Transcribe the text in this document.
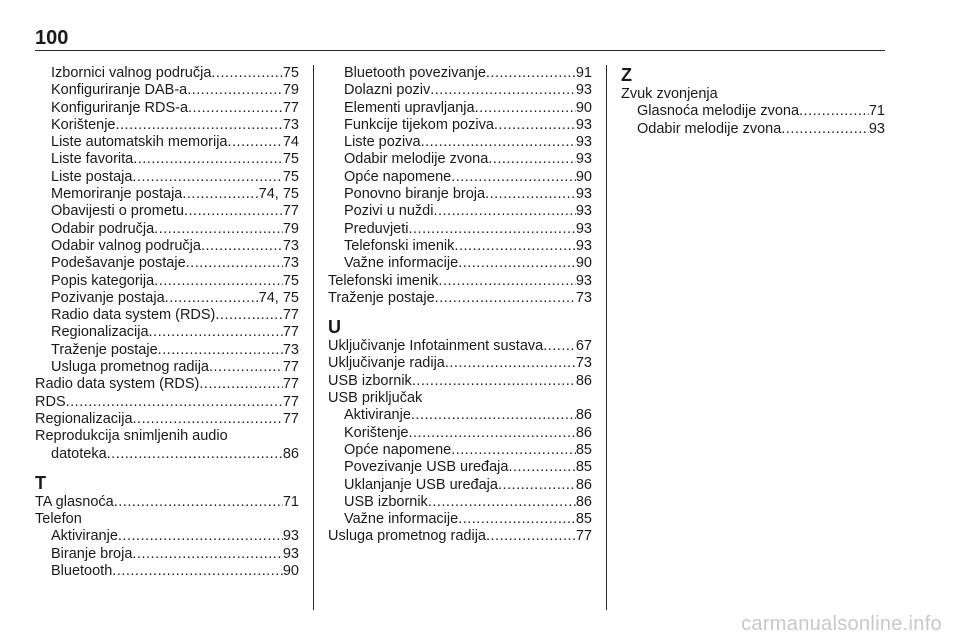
100
Izbornici valnog područja .....	75
Konfiguriranje DAB-a .....	79
Konfiguriranje RDS-a .....	77
Korištenje .....	73
Liste automatskih memorija .....	74
Liste favorita .....	75
Liste postaja .....	75
Memoriranje postaja .....	74, 75
Obavijesti o prometu .....	77
Odabir područja .....	79
Odabir valnog područja .....	73
Podešavanje postaje .....	73
Popis kategorija .....	75
Pozivanje postaja .....	74, 75
Radio data system (RDS) .....	77
Regionalizacija .....	77
Traženje postaje .....	73
Usluga prometnog radija .....	77
Radio data system (RDS) .....	77
RDS .....	77
Regionalizacija .....	77
Reprodukcija snimljenih audio
datoteka .....	86
T
TA glasnoća .....	71
Telefon
Aktiviranje .....	93
Biranje broja .....	93
Bluetooth .....	90
Bluetooth povezivanje .....	91
Dolazni poziv .....	93
Elementi upravljanja .....	90
Funkcije tijekom poziva .....	93
Liste poziva .....	93
Odabir melodije zvona .....	93
Opće napomene .....	90
Ponovno biranje broja .....	93
Pozivi u nuždi .....	93
Preduvjeti .....	93
Telefonski imenik .....	93
Važne informacije .....	90
Telefonski imenik .....	93
Traženje postaje .....	73
U
Uključivanje Infotainment sustava ..... 67
Uključivanje radija .....	73
USB izbornik .....	86
USB priključak
Aktiviranje .....	86
Korištenje .....	86
Opće napomene .....	85
Povezivanje USB uređaja .....	85
Uklanjanje USB uređaja .....	86
USB izbornik .....	86
Važne informacije .....	85
Usluga prometnog radija .....	77
Z
Zvuk zvonjenja
Glasnoća melodije zvona .....	71
Odabir melodije zvona .....	93
carmanualsonline.info
